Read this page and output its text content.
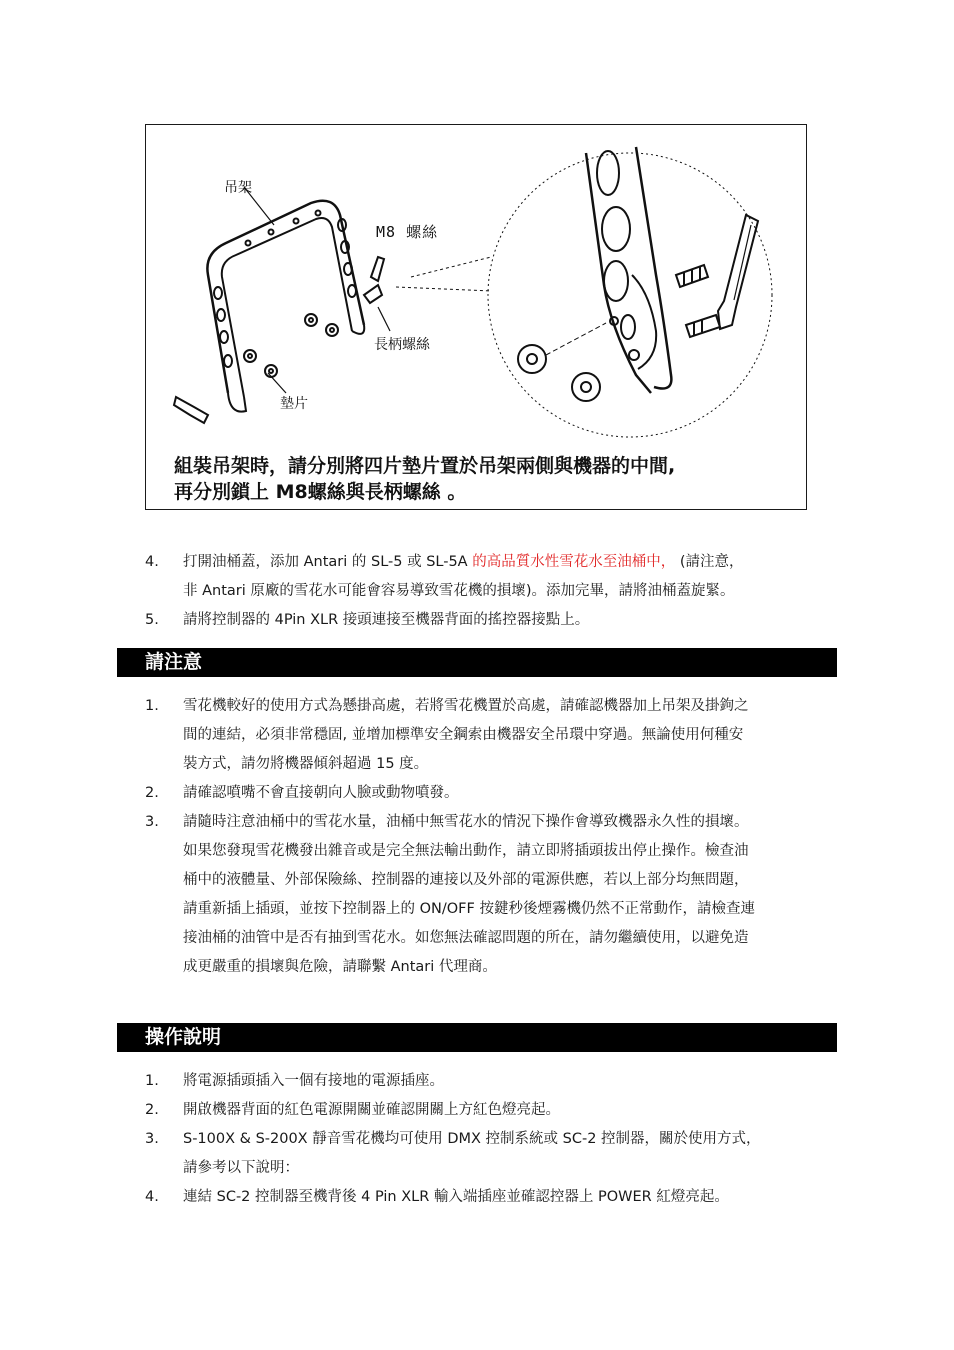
吊架
M8 螺絲
長柄螺絲
墊片
組裝吊架時，請分別將四片墊片置於吊架兩側與機器的中間,
再分別鎖上 M8螺絲與長柄螺絲 。
4.	打開油桶蓋，添加 Antari 的 SL-5 或 SL-5A 的高品質水性雪花水至油桶中， (請注意，
非 Antari 原廠的雪花水可能會容易導致雪花機的損壞)。添加完畢，請將油桶蓋旋緊。
5.	請將控制器的 4Pin XLR 接頭連接至機器背面的搖控器接點上。
請注意
1.	雪花機較好的使用方式為懸掛高處，若將雪花機置於高處，請確認機器加上吊架及掛鉤之
間的連結，必須非常穩固, 並增加標準安全鋼索由機器安全吊環中穿過。無論使用何種安
裝方式，請勿將機器傾斜超過 15 度。
2.	請確認噴嘴不會直接朝向人臉或動物噴發。
3.	請隨時注意油桶中的雪花水量，油桶中無雪花水的情況下操作會導致機器永久性的損壞。
如果您發現雪花機發出雜音或是完全無法輸出動作，請立即將插頭拔出停止操作。檢查油
桶中的液體量、外部保險絲、控制器的連接以及外部的電源供應，若以上部分均無問題，
請重新插上插頭，並按下控制器上的 ON/OFF 按鍵秒後煙霧機仍然不正常動作，請檢查連
接油桶的油管中是否有抽到雪花水。如您無法確認問題的所在，請勿繼續使用，以避免造
成更嚴重的損壞與危險，請聯繫 Antari 代理商。
操作說明
1.	將電源插頭插入一個有接地的電源插座。
2.	開啟機器背面的紅色電源開關並確認開關上方紅色燈亮起。
3.	S-100X & S-200X 靜音雪花機均可使用 DMX 控制系統或 SC-2 控制器，關於使用方式，
請參考以下說明：
4.	連結 SC-2 控制器至機背後 4 Pin XLR 輸入端插座並確認控器上 POWER 紅燈亮起。
